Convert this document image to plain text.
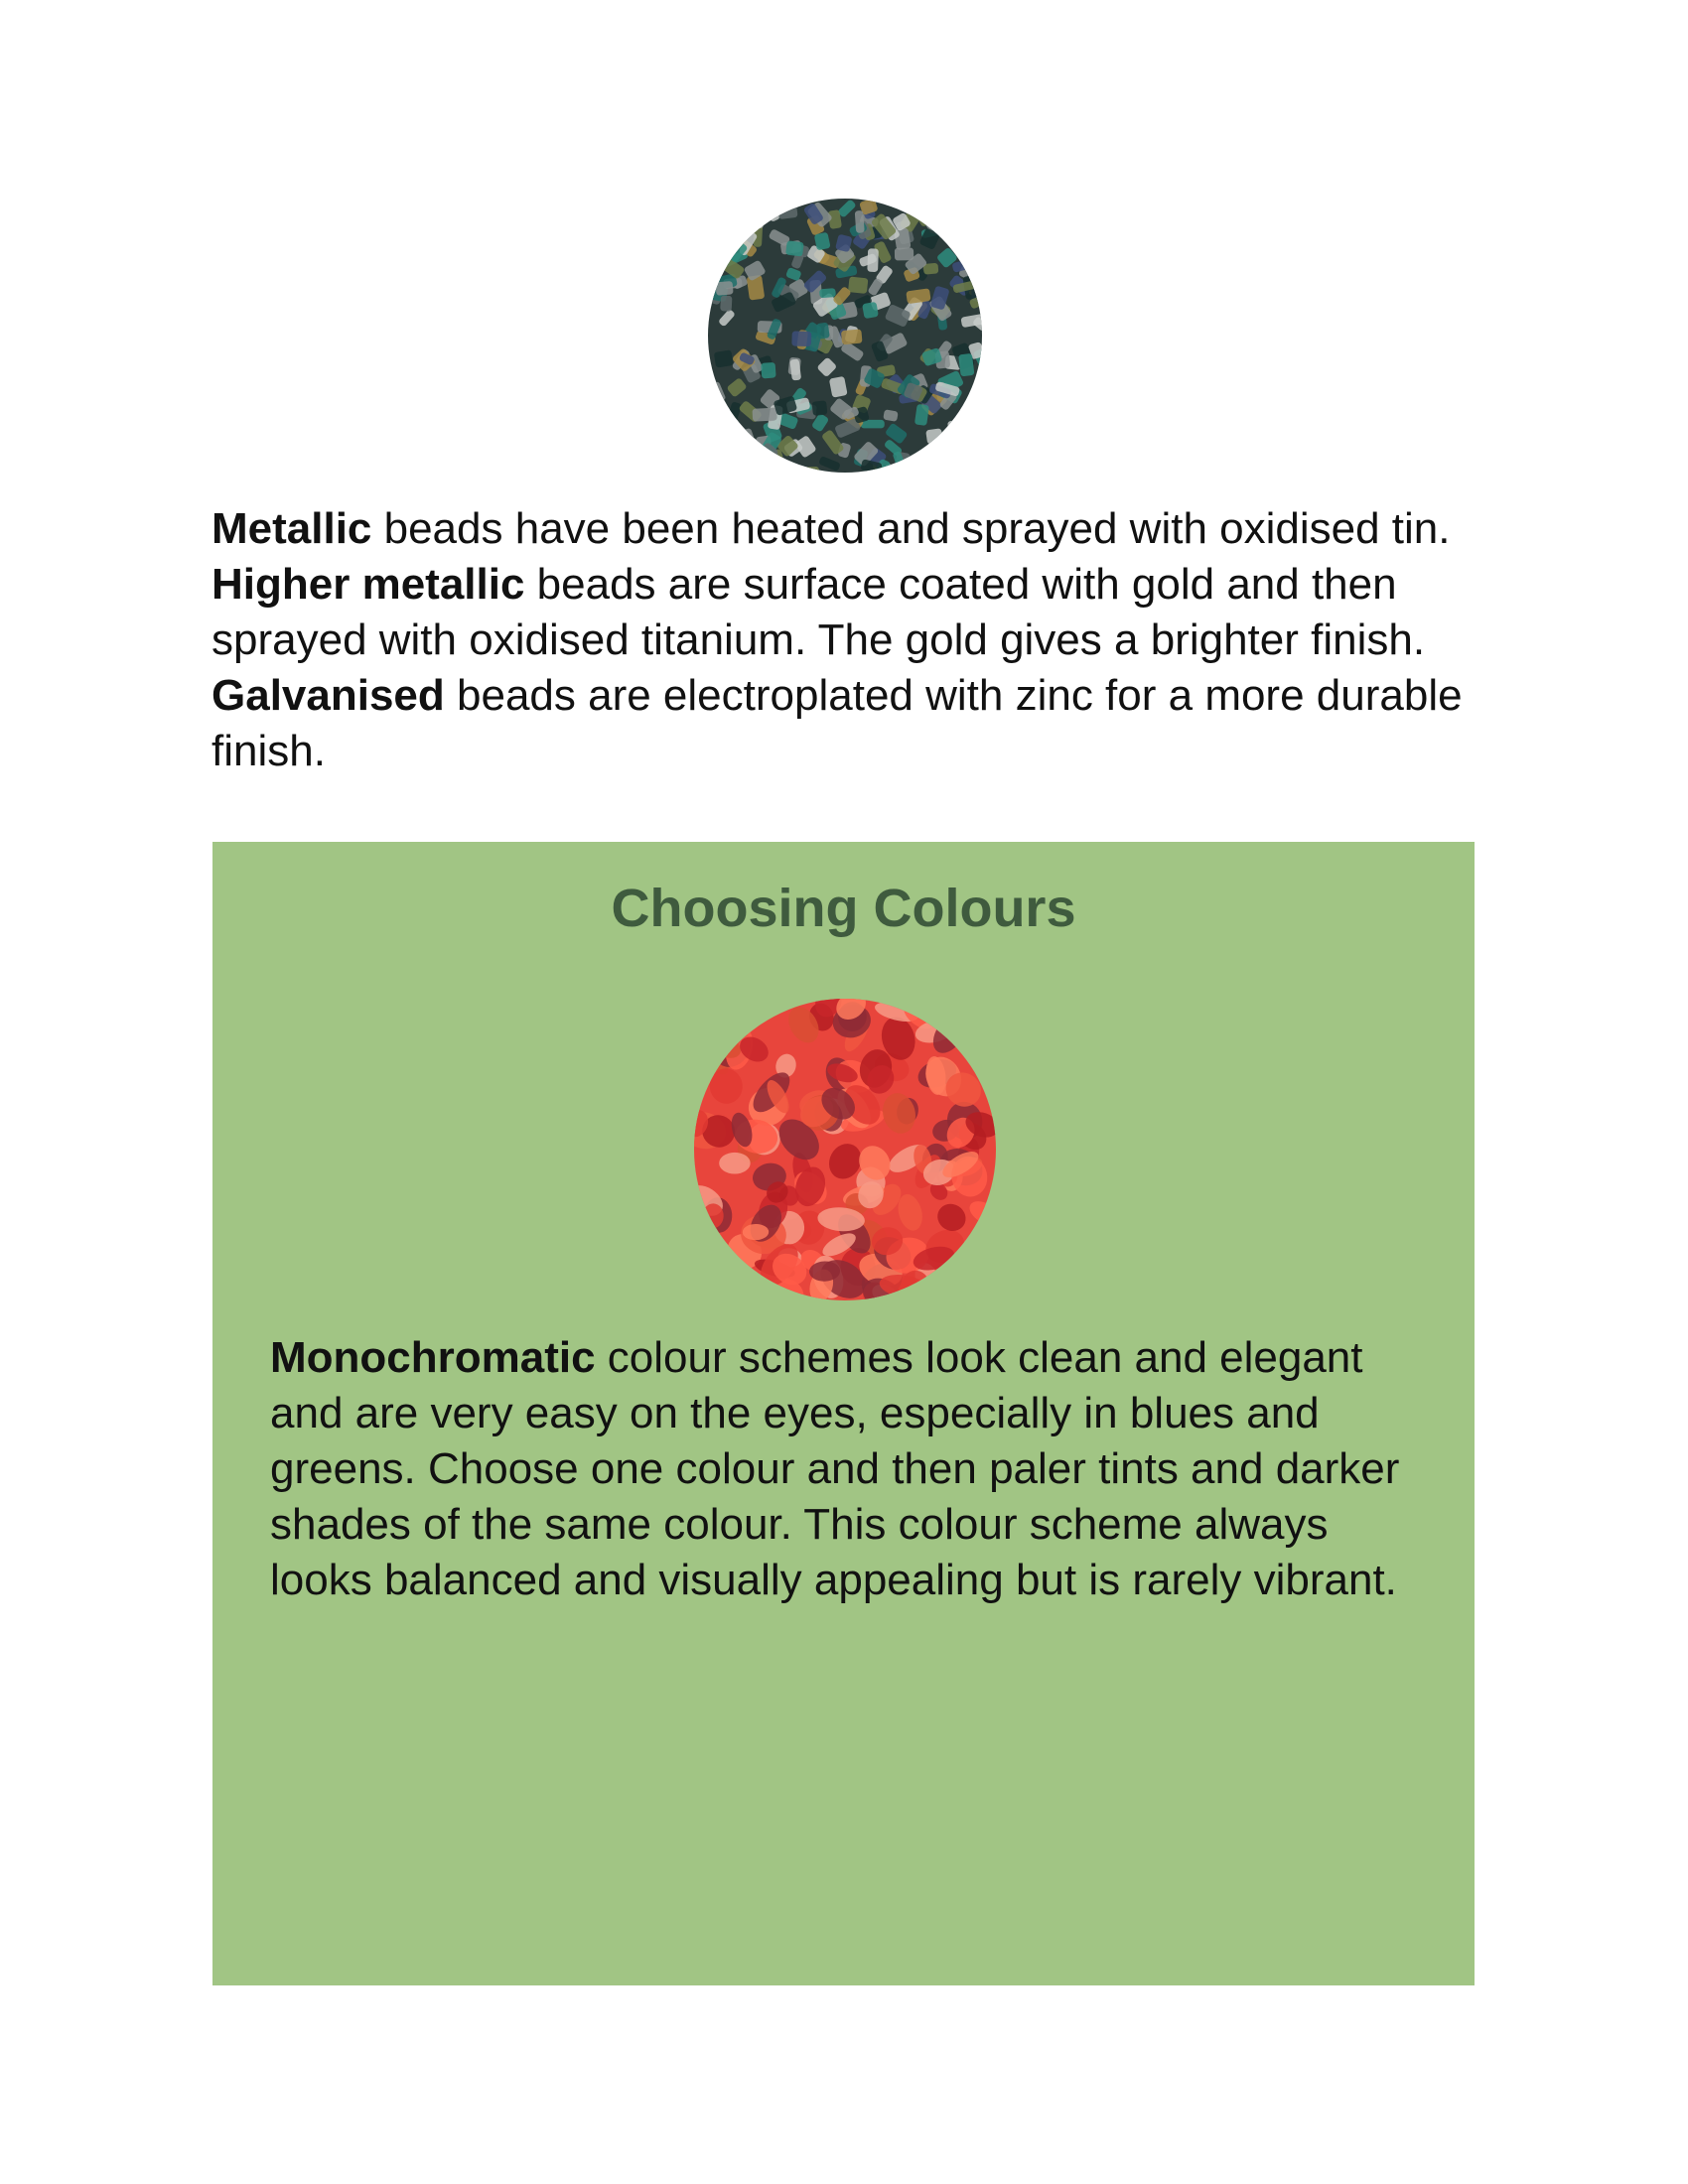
Metallic beads have been heated and sprayed with oxidised tin. Higher metallic beads are surface coated with gold and then sprayed with oxidised titanium. The gold gives a brighter finish. Galvanised beads are electroplated with zinc for a more durable finish.
Choosing Colours
Monochromatic colour schemes look clean and elegant and are very easy on the eyes, especially in blues and greens. Choose one colour and then paler tints and darker shades of the same colour. This colour scheme always looks balanced and visually appealing but is rarely vibrant.
